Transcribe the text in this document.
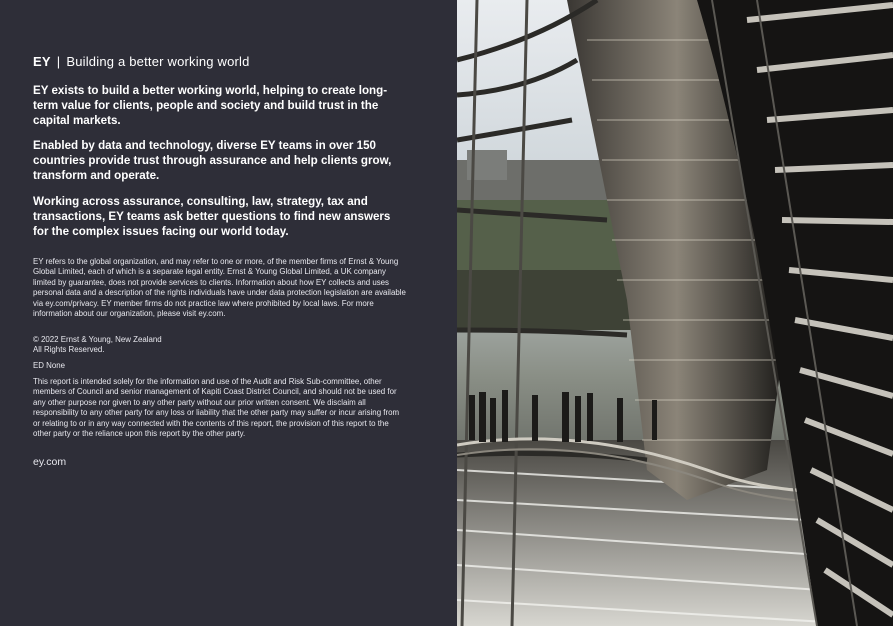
EY | Building a better working world
EY exists to build a better working world, helping to create long-term value for clients, people and society and build trust in the capital markets.
Enabled by data and technology, diverse EY teams in over 150 countries provide trust through assurance and help clients grow, transform and operate.
Working across assurance, consulting, law, strategy, tax and transactions, EY teams ask better questions to find new answers for the complex issues facing our world today.
EY refers to the global organization, and may refer to one or more, of the member firms of Ernst & Young Global Limited, each of which is a separate legal entity. Ernst & Young Global Limited, a UK company limited by guarantee, does not provide services to clients. Information about how EY collects and uses personal data and a description of the rights individuals have under data protection legislation are available via ey.com/privacy. EY member firms do not practice law where prohibited by local laws. For more information about our organization, please visit ey.com.
© 2022 Ernst & Young, New Zealand
All Rights Reserved.
ED None
This report is intended solely for the information and use of the Audit and Risk Sub-committee, other members of Council and senior management of Kapiti Coast District Council, and should not be used for any other purpose nor given to any other party without our prior written consent. We disclaim all responsibility to any other party for any loss or liability that the other party may suffer or incur arising from or relating to or in any way connected with the contents of this report, the provision of this report to the other party or the reliance upon this report by the other party.
ey.com
